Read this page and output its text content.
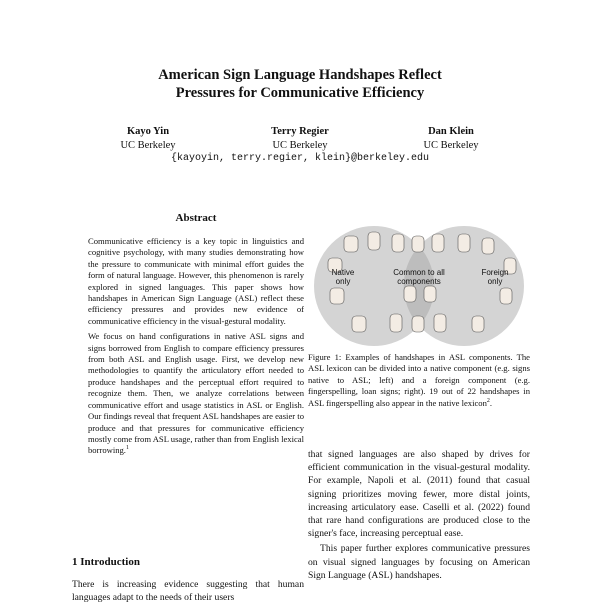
American Sign Language Handshapes Reflect
Pressures for Communicative Efficiency
Kayo Yin
UC Berkeley
Terry Regier
UC Berkeley
Dan Klein
UC Berkeley
{kayoyin, terry.regier, klein}@berkeley.edu
Abstract

Communicative efficiency is a key topic in linguistics and cognitive psychology, with many studies demonstrating how the pressure to communicate with minimal effort guides the form of natural language. However, this phenomenon is rarely explored in signed languages. This paper shows how handshapes in American Sign Language (ASL) reflect these efficiency pressures and provides new evidence of communicative efficiency in the visual-gestural modality.

We focus on hand configurations in native ASL signs and signs borrowed from English to compare efficiency pressures from both ASL and English usage. First, we develop new methodologies to quantify the articulatory effort needed to produce handshapes and the perceptual effort required to recognize them. Then, we analyze correlations between communicative effort and usage statistics in ASL or English. Our findings reveal that frequent ASL handshapes are easier to produce and that pressures for communicative efficiency mostly come from ASL usage, rather than from English lexical borrowing.$^1$

1 Introduction

There is increasing evidence suggesting that human languages adapt to the needs of their users

Native
only
Common to all
components
Foreign
only
Figure 1: Examples of handshapes in ASL components. The ASL lexicon can be divided into a native component (e.g. signs native to ASL; left) and a foreign component (e.g. fingerspelling, loan signs; right). 19 out of 22 handshapes in ASL fingerspelling also appear in the native lexicon$^2$.

that signed languages are also shaped by drives for efficient communication in the visual-gestural modality. For example, Napoli et al. (2011) found that casual signing prioritizes moving fewer, more distal joints, increasing articulatory ease. Caselli et al. (2022) found that rare hand configurations are produced close to the signer's face, increasing perceptual ease.

This paper further explores communicative pressures on visual signed languages by focusing on American Sign Language (ASL) handshapes.
